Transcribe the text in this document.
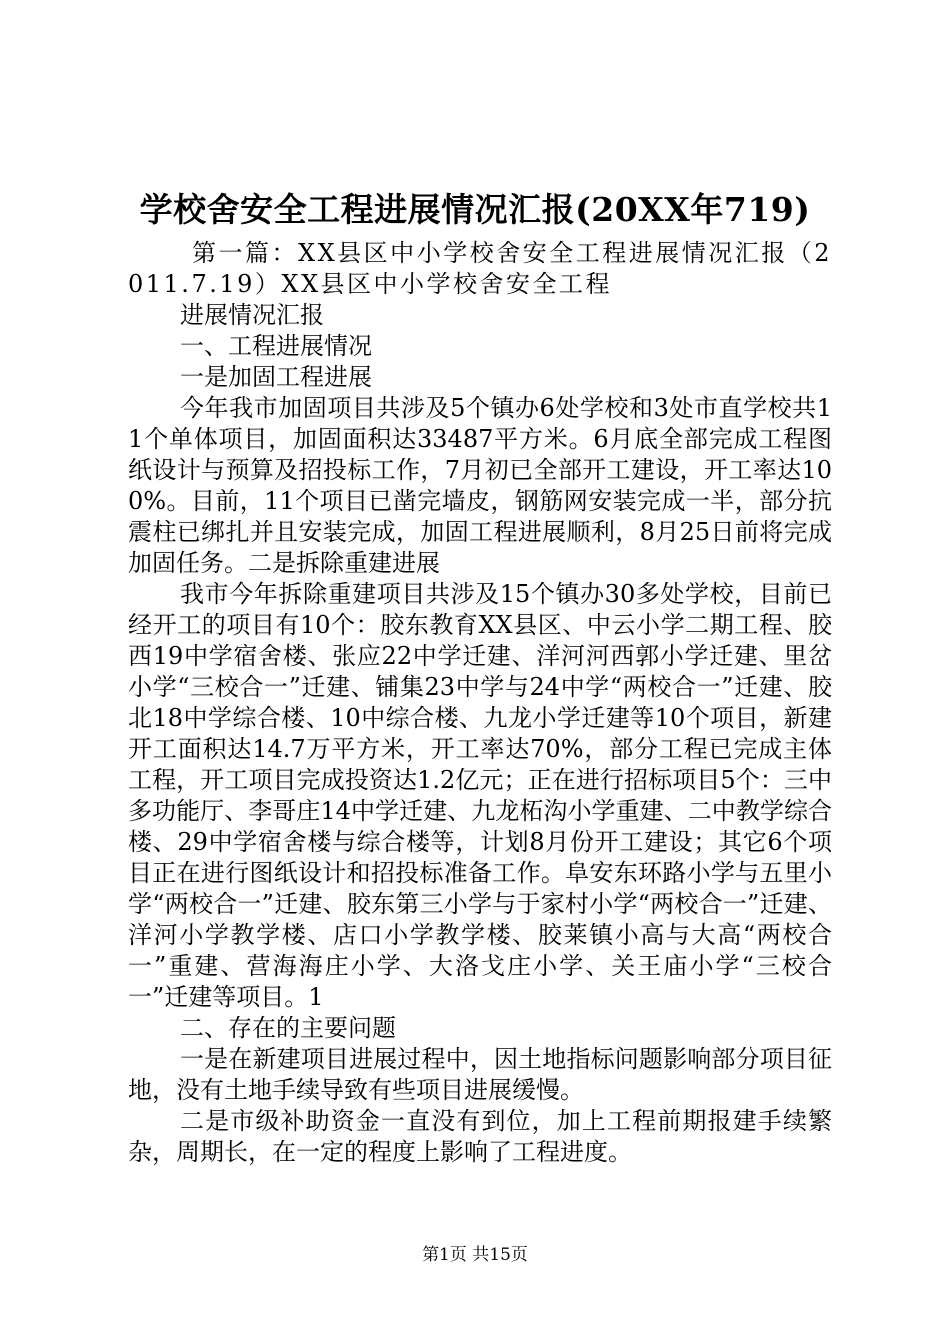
学校舍安全工程进展情况汇报(20XX年719)

第一篇：XX县区中小学校舍安全工程进展情况汇报（2011.7.19）XX县区中小学校舍安全工程

进展情况汇报

一、工程进展情况

一是加固工程进展

今年我市加固项目共涉及5个镇办6处学校和3处市直学校共11个单体项目，加固面积达33487平方米。6月底全部完成工程图纸设计与预算及招投标工作，7月初已全部开工建设，开工率达100%。目前，11个项目已凿完墙皮，钢筋网安装完成一半，部分抗震柱已绑扎并且安装完成，加固工程进展顺利，8月25日前将完成加固任务。二是拆除重建进展

我市今年拆除重建项目共涉及15个镇办30多处学校，目前已经开工的项目有10个：胶东教育XX县区、中云小学二期工程、胶西19中学宿舍楼、张应22中学迁建、洋河河西郭小学迁建、里岔小学“三校合一”迁建、铺集23中学与24中学“两校合一”迁建、胶北18中学综合楼、10中综合楼、九龙小学迁建等10个项目，新建开工面积达14.7万平方米，开工率达70%，部分工程已完成主体工程，开工项目完成投资达1.2亿元；正在进行招标项目5个：三中多功能厅、李哥庄14中学迁建、九龙柘沟小学重建、二中教学综合楼、29中学宿舍楼与综合楼等，计划8月份开工建设；其它6个项目正在进行图纸设计和招投标准备工作。阜安东环路小学与五里小学“两校合一”迁建、胶东第三小学与于家村小学“两校合一”迁建、洋河小学教学楼、店口小学教学楼、胶莱镇小高与大高“两校合一”重建、营海海庄小学、大洛戈庄小学、关王庙小学“三校合一”迁建等项目。1

二、存在的主要问题

一是在新建项目进展过程中，因土地指标问题影响部分项目征地，没有土地手续导致有些项目进展缓慢。

二是市级补助资金一直没有到位，加上工程前期报建手续繁杂，周期长，在一定的程度上影响了工程进度。

第1页 共15页
